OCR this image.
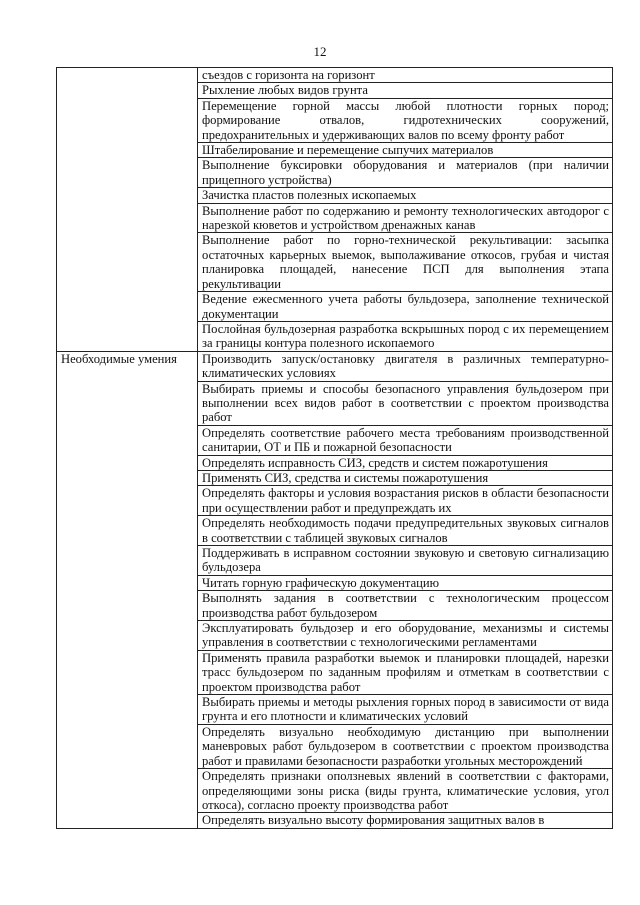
12
	съездов с горизонта на горизонт
	Рыхление любых видов грунта
	Перемещение горной массы любой плотности горных пород; формирование отвалов, гидротехнических сооружений, предохранительных и удерживающих валов по всему фронту работ
	Штабелирование и перемещение сыпучих материалов
	Выполнение буксировки оборудования и материалов (при наличии прицепного устройства)
	Зачистка пластов полезных ископаемых
	Выполнение работ по содержанию и ремонту технологических автодорог с нарезкой кюветов и устройством дренажных канав
	Выполнение работ по горно-технической рекультивации: засыпка остаточных карьерных выемок, выполаживание откосов, грубая и чистая планировка площадей, нанесение ПСП для выполнения этапа рекультивации
	Ведение ежесменного учета работы бульдозера, заполнение технической документации
	Послойная бульдозерная разработка вскрышных пород с их перемещением за границы контура полезного ископаемого
Необходимые умения	Производить запуск/остановку двигателя в различных температурно-климатических условиях
	Выбирать приемы и способы безопасного управления бульдозером при выполнении всех видов работ в соответствии с проектом производства работ
	Определять соответствие рабочего места требованиям производственной санитарии, ОТ и ПБ и пожарной безопасности
	Определять исправность СИЗ, средств и систем пожаротушения
	Применять СИЗ, средства и системы пожаротушения
	Определять факторы и условия возрастания рисков в области безопасности при осуществлении работ и предупреждать их
	Определять необходимость подачи предупредительных звуковых сигналов в соответствии с таблицей звуковых сигналов
	Поддерживать в исправном состоянии звуковую и световую сигнализацию бульдозера
	Читать горную графическую документацию
	Выполнять задания в соответствии с технологическим процессом производства работ бульдозером
	Эксплуатировать бульдозер и его оборудование, механизмы и системы управления в соответствии с технологическими регламентами
	Применять правила разработки выемок и планировки площадей, нарезки трасс бульдозером по заданным профилям и отметкам в соответствии с проектом производства работ
	Выбирать приемы и методы рыхления горных пород в зависимости от вида грунта и его плотности и климатических условий
	Определять визуально необходимую дистанцию при выполнении маневровых работ бульдозером в соответствии с проектом производства работ и правилами безопасности разработки угольных месторождений
	Определять признаки оползневых явлений в соответствии с факторами, определяющими зоны риска (виды грунта, климатические условия, угол откоса), согласно проекту производства работ

	Определять визуально высоту формирования защитных валов в
